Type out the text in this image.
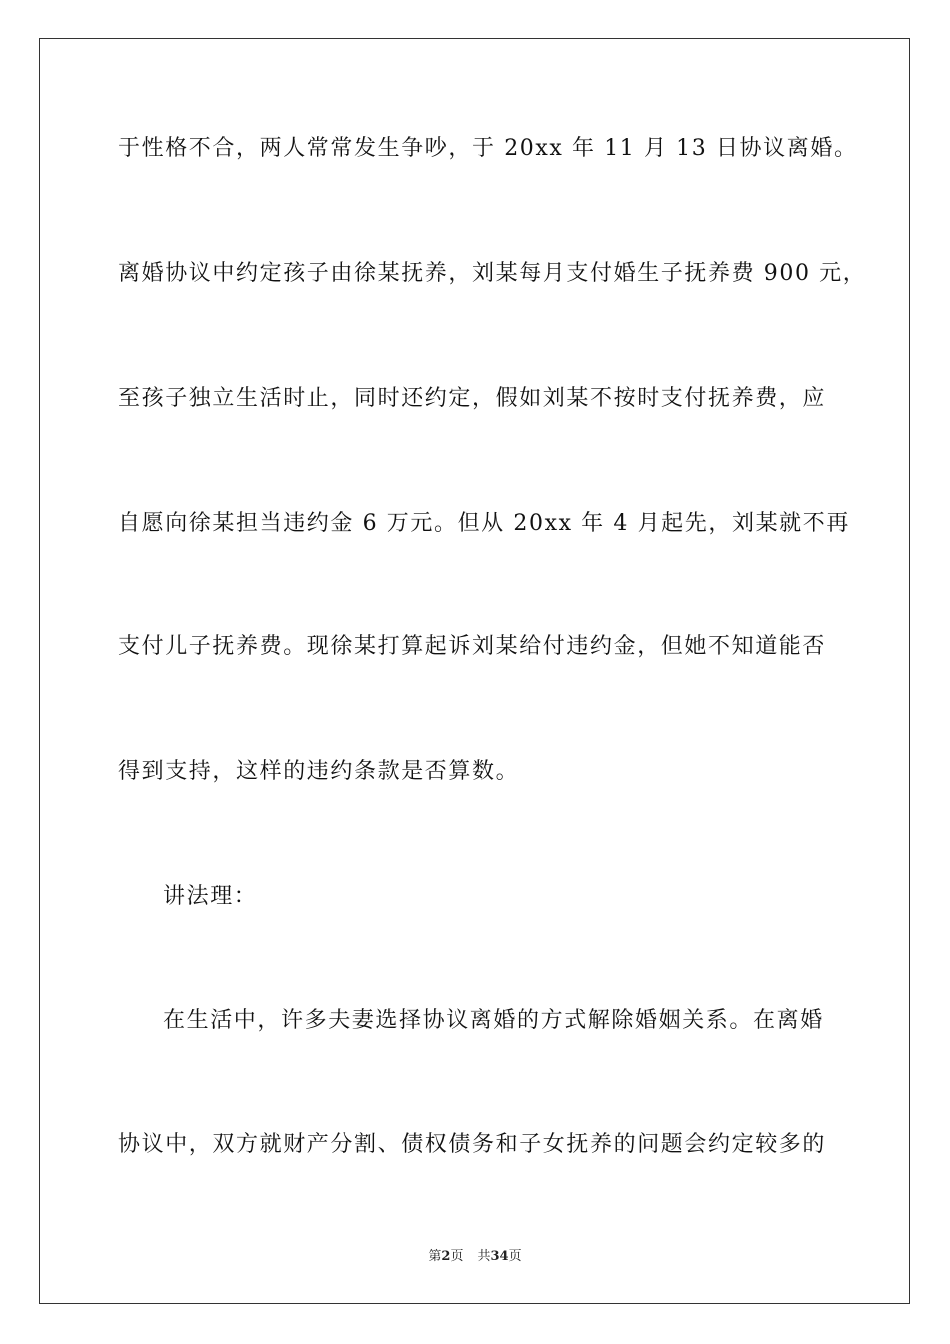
于性格不合，两人常常发生争吵，于 20xx 年 11 月 13 日协议离婚。
离婚协议中约定孩子由徐某抚养，刘某每月支付婚生子抚养费 900 元，
至孩子独立生活时止，同时还约定，假如刘某不按时支付抚养费，应
自愿向徐某担当违约金 6 万元。但从 20xx 年 4 月起先，刘某就不再
支付儿子抚养费。现徐某打算起诉刘某给付违约金，但她不知道能否
得到支持，这样的违约条款是否算数。
讲法理：
在生活中，许多夫妻选择协议离婚的方式解除婚姻关系。在离婚
协议中，双方就财产分割、债权债务和子女抚养的问题会约定较多的
第2页 共34页
